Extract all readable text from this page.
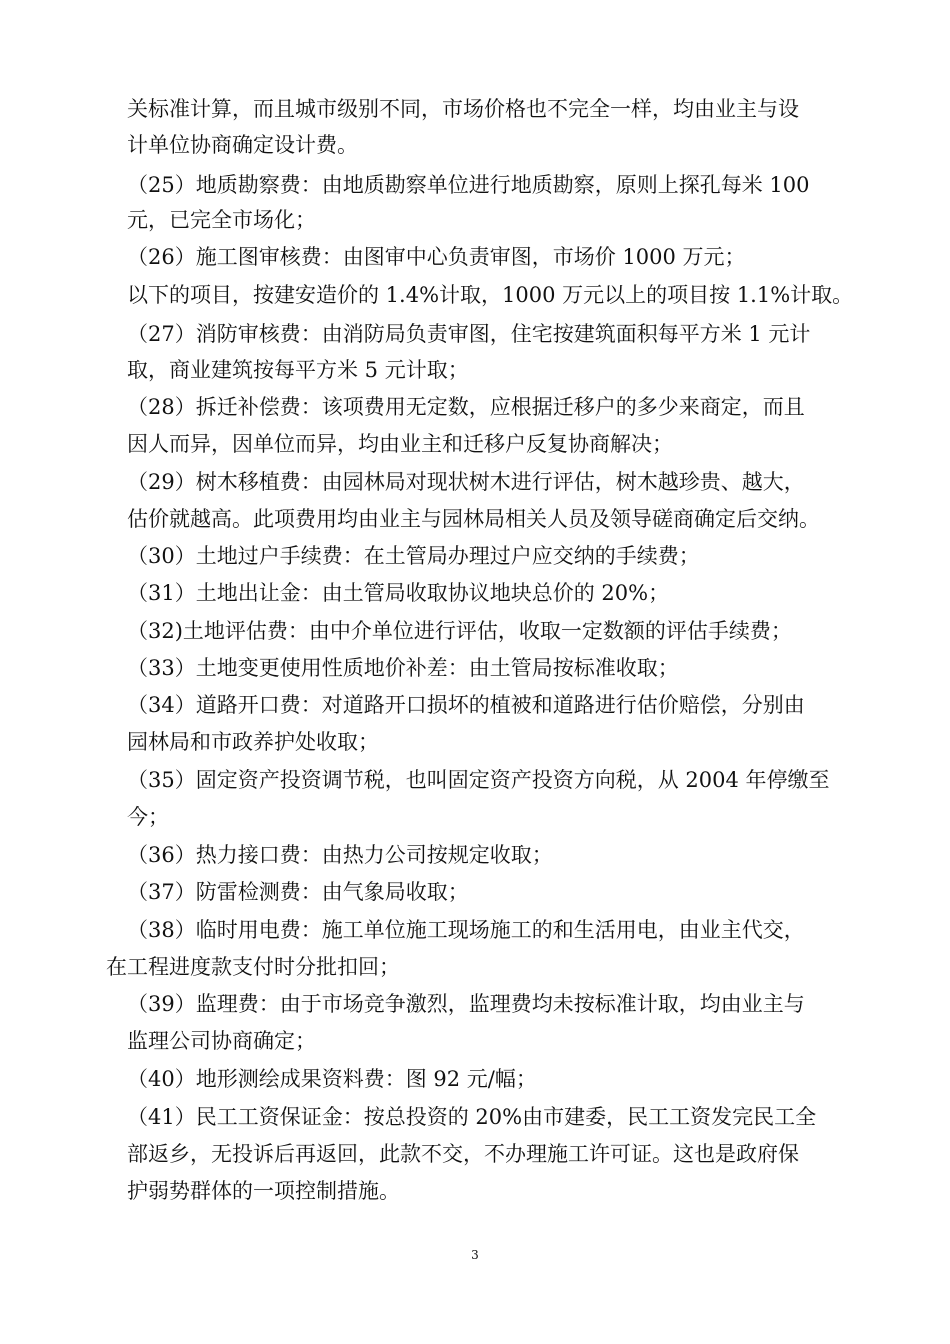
关标准计算，而且城市级别不同，市场价格也不完全一样，均由业主与设
计单位协商确定设计费。
（25）地质勘察费：由地质勘察单位进行地质勘察，原则上探孔每米 100
元，已完全市场化；
（26）施工图审核费：由图审中心负责审图，市场价 1000 万元；
以下的项目，按建安造价的 1.4%计取，1000 万元以上的项目按 1.1%计取。
（27）消防审核费：由消防局负责审图，住宅按建筑面积每平方米 1 元计
取，商业建筑按每平方米 5 元计取；
（28）拆迁补偿费：该项费用无定数，应根据迁移户的多少来商定，而且
因人而异，因单位而异，均由业主和迁移户反复协商解决；
（29）树木移植费：由园林局对现状树木进行评估，树木越珍贵、越大，
估价就越高。此项费用均由业主与园林局相关人员及领导磋商确定后交纳。
（30）土地过户手续费：在土管局办理过户应交纳的手续费；
（31）土地出让金：由土管局收取协议地块总价的 20%；
（32)土地评估费：由中介单位进行评估，收取一定数额的评估手续费；
（33）土地变更使用性质地价补差：由土管局按标准收取；
（34）道路开口费：对道路开口损坏的植被和道路进行估价赔偿，分别由
园林局和市政养护处收取；
（35）固定资产投资调节税，也叫固定资产投资方向税，从 2004 年停缴至
今；
（36）热力接口费：由热力公司按规定收取；
（37）防雷检测费：由气象局收取；
（38）临时用电费：施工单位施工现场施工的和生活用电，由业主代交，
在工程进度款支付时分批扣回；
（39）监理费：由于市场竞争激烈，监理费均未按标准计取，均由业主与
监理公司协商确定；
（40）地形测绘成果资料费：图 92 元/幅；
（41）民工工资保证金：按总投资的 20%由市建委，民工工资发完民工全
部返乡，无投诉后再返回，此款不交，不办理施工许可证。这也是政府保
护弱势群体的一项控制措施。
3
